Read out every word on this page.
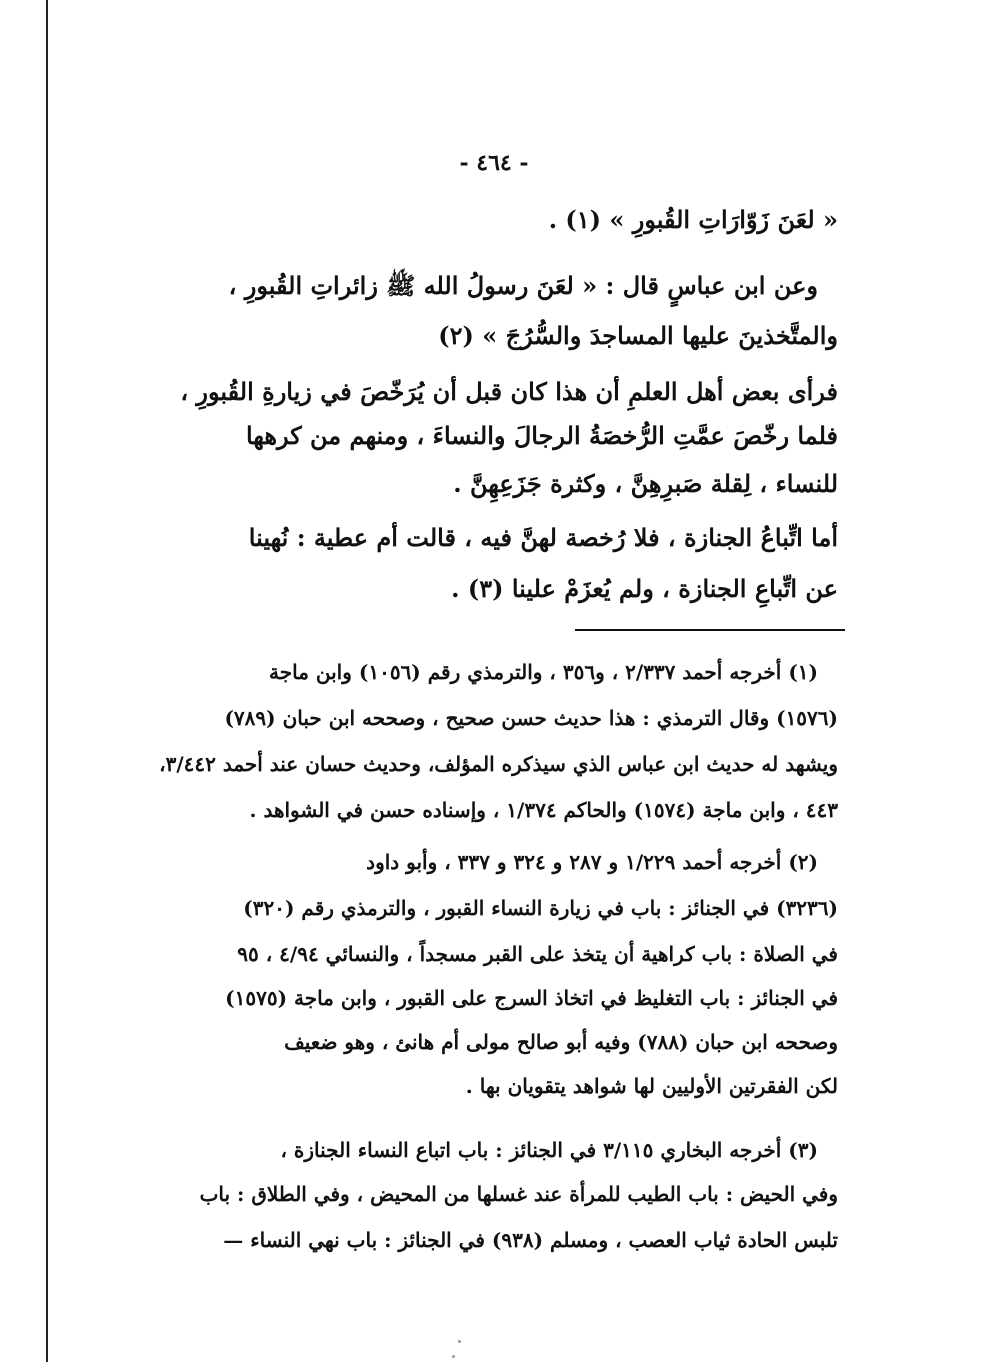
- ٤٦٤ -
« لعَنَ زَوّارَاتِ القُبورِ » (١) .
وعن ابن عباسٍ قال : « لعَنَ رسولُ الله ﷺ زائراتِ القُبورِ ،
والمتَّخذينَ عليها المساجدَ والسُّرُجَ » (٢)
فرأى بعض أهل العلمِ أن هذا كان قبل أن يُرَخّصَ في زيارةِ القُبورِ ،
فلما رخّصَ عمَّتِ الرُّخصَةُ الرجالَ والنساءَ ، ومنهم من كرهها
للنساء ، لِقلة صَبرِهِنَّ ، وكثرة جَزَعِهِنَّ .
أما اتِّباعُ الجنازة ، فلا رُخصة لهنَّ فيه ، قالت أم عطية : نُهينا
عن اتِّباعِ الجنازة ، ولم يُعزَمْ علينا (٣) .
(١) أخرجه أحمد ٢/٣٣٧ ، و٣٥٦ ، والترمذي رقم (١٠٥٦) وابن ماجة
(١٥٧٦) وقال الترمذي : هذا حديث حسن صحيح ، وصححه ابن حبان (٧٨٩)
ويشهد له حديث ابن عباس الذي سيذكره المؤلف، وحديث حسان عند أحمد ٣/٤٤٢،
٤٤٣ ، وابن ماجة (١٥٧٤) والحاكم ١/٣٧٤ ، وإسناده حسن في الشواهد .
(٢) أخرجه أحمد ١/٢٢٩ و ٢٨٧ و ٣٢٤ و ٣٣٧ ، وأبو داود
(٣٢٣٦) في الجنائز : باب في زيارة النساء القبور ، والترمذي رقم (٣٢٠)
في الصلاة : باب كراهية أن يتخذ على القبر مسجداً ، والنسائي ٤/٩٤ ، ٩٥
في الجنائز : باب التغليظ في اتخاذ السرج على القبور ، وابن ماجة (١٥٧٥)
وصححه ابن حبان (٧٨٨) وفيه أبو صالح مولى أم هانئ ، وهو ضعيف
لكن الفقرتين الأوليين لها شواهد يتقويان بها .
(٣) أخرجه البخاري ٣/١١٥ في الجنائز : باب اتباع النساء الجنازة ،
وفي الحيض : باب الطيب للمرأة عند غسلها من المحيض ، وفي الطلاق : باب
تلبس الحادة ثياب العصب ، ومسلم (٩٣٨) في الجنائز : باب نهي النساء —
